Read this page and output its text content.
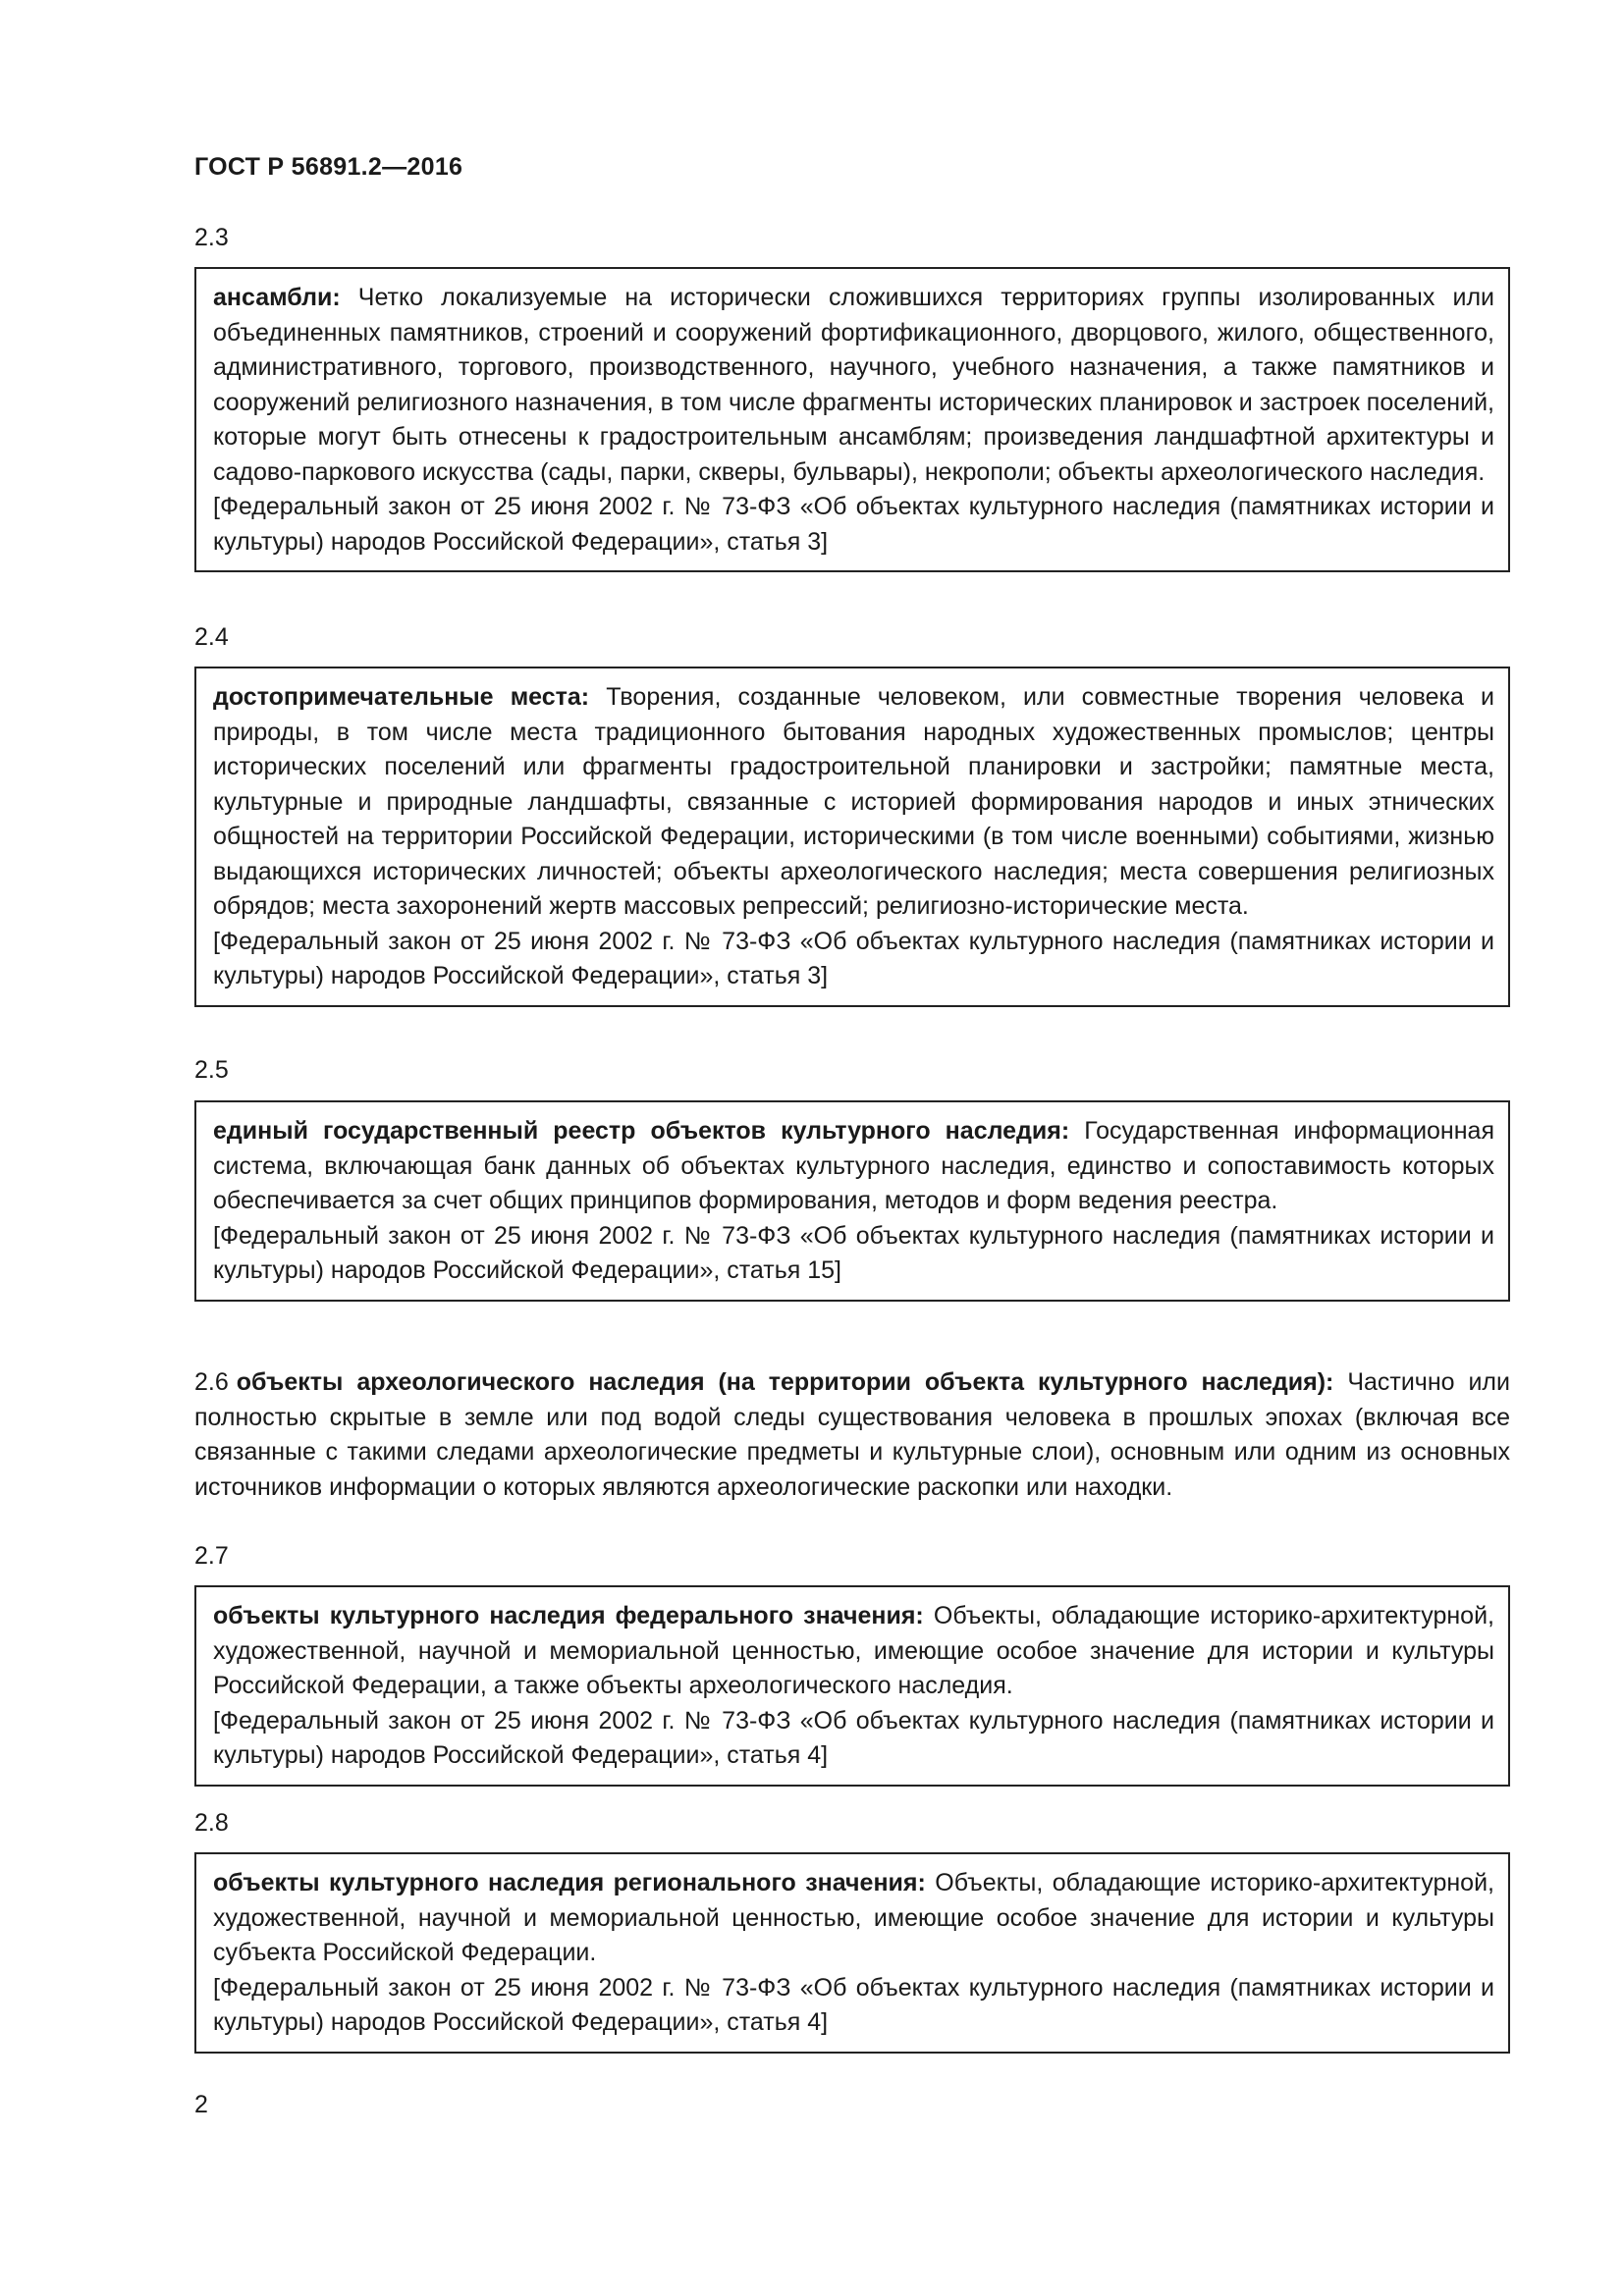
ГОСТ Р 56891.2—2016
2.3

ансамбли: Четко локализуемые на исторически сложившихся территориях группы изолированных или объединенных памятников, строений и сооружений фортификационного, дворцового, жилого, общественного, административного, торгового, производственного, научного, учебного назначения, а также памятников и сооружений религиозного назначения, в том числе фрагменты исторических планировок и застроек поселений, которые могут быть отнесены к градостроительным ансамблям; произведения ландшафтной архитектуры и садово-паркового искусства (сады, парки, скверы, бульвары), некрополи; объекты археологического наследия.

[Федеральный закон от 25 июня 2002 г. № 73-ФЗ «Об объектах культурного наследия (памятниках истории и культуры) народов Российской Федерации», статья 3]

2.4

достопримечательные места: Творения, созданные человеком, или совместные творения человека и природы, в том числе места традиционного бытования народных художественных промыслов; центры исторических поселений или фрагменты градостроительной планировки и застройки; памятные места, культурные и природные ландшафты, связанные с историей формирования народов и иных этнических общностей на территории Российской Федерации, историческими (в том числе военными) событиями, жизнью выдающихся исторических личностей; объекты археологического наследия; места совершения религиозных обрядов; места захоронений жертв массовых репрессий; религиозно-исторические места.

[Федеральный закон от 25 июня 2002 г. № 73-ФЗ «Об объектах культурного наследия (памятниках истории и культуры) народов Российской Федерации», статья 3]

2.5

единый государственный реестр объектов культурного наследия: Государственная информационная система, включающая банк данных об объектах культурного наследия, единство и сопоставимость которых обеспечивается за счет общих принципов формирования, методов и форм ведения реестра.

[Федеральный закон от 25 июня 2002 г. № 73-ФЗ «Об объектах культурного наследия (памятниках истории и культуры) народов Российской Федерации», статья 15]

2.6 объекты археологического наследия (на территории объекта культурного наследия): Частично или полностью скрытые в земле или под водой следы существования человека в прошлых эпохах (включая все связанные с такими следами археологические предметы и культурные слои), основным или одним из основных источников информации о которых являются археологические раскопки или находки.
2.7

объекты культурного наследия федерального значения: Объекты, обладающие историко-архитектурной, художественной, научной и мемориальной ценностью, имеющие особое значение для истории и культуры Российской Федерации, а также объекты археологического наследия.

[Федеральный закон от 25 июня 2002 г. № 73-ФЗ «Об объектах культурного наследия (памятниках истории и культуры) народов Российской Федерации», статья 4]

2.8

объекты культурного наследия регионального значения: Объекты, обладающие историко-архитектурной, художественной, научной и мемориальной ценностью, имеющие особое значение для истории и культуры субъекта Российской Федерации.

[Федеральный закон от 25 июня 2002 г. № 73-ФЗ «Об объектах культурного наследия (памятниках истории и культуры) народов Российской Федерации», статья 4]

2
